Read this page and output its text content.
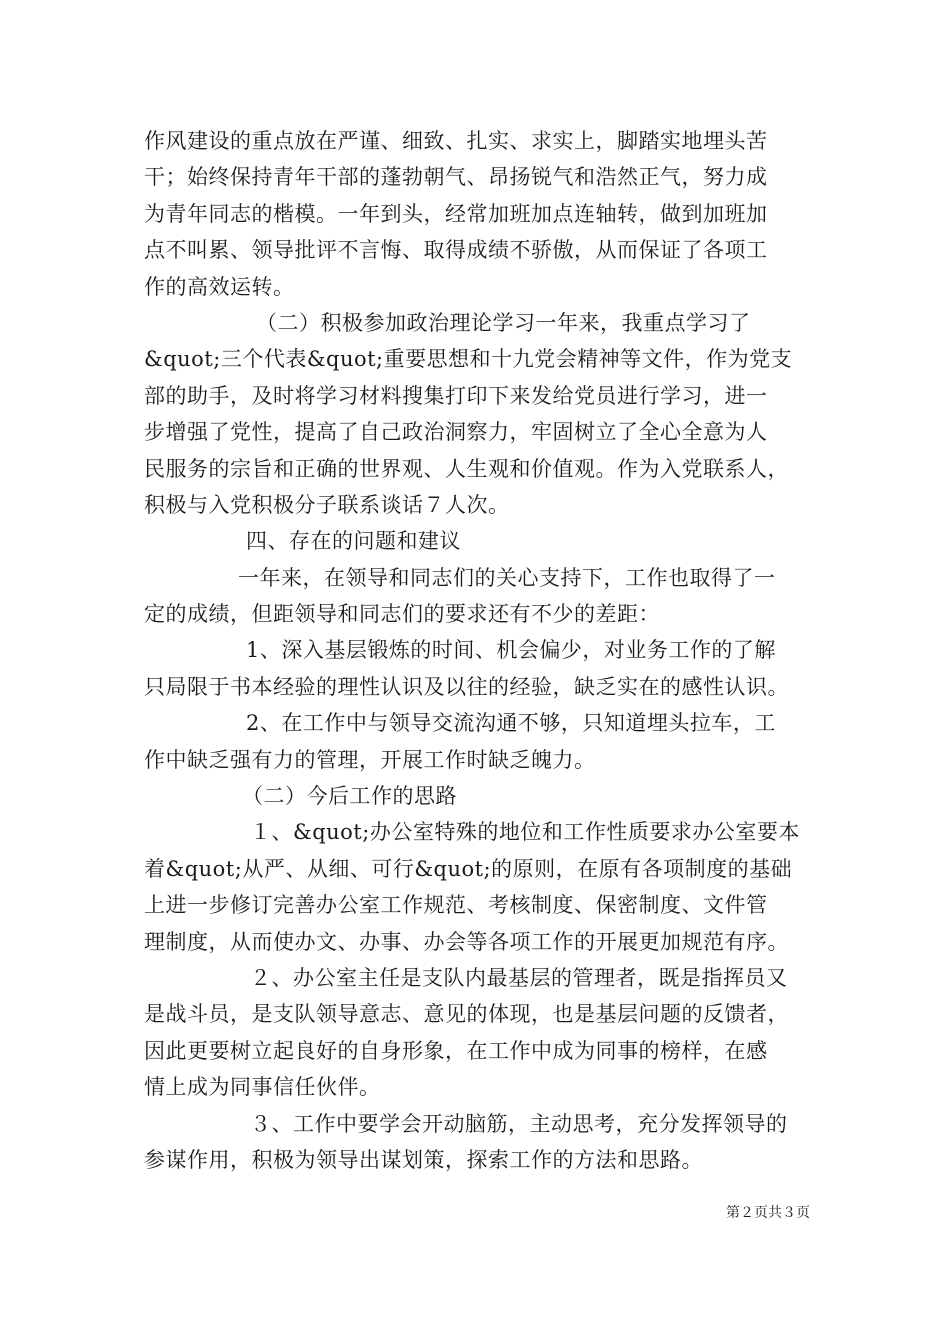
作风建设的重点放在严谨、细致、扎实、求实上，脚踏实地埋头苦
干；始终保持青年干部的蓬勃朝气、昂扬锐气和浩然正气，努力成
为青年同志的楷模。一年到头，经常加班加点连轴转，做到加班加
点不叫累、领导批评不言悔、取得成绩不骄傲，从而保证了各项工
作的高效运转。
（二）积极参加政治理论学习一年来，我重点学习了
&quot;三个代表&quot;重要思想和十九党会精神等文件，作为党支
部的助手，及时将学习材料搜集打印下来发给党员进行学习，进一
步增强了党性，提高了自己政治洞察力，牢固树立了全心全意为人
民服务的宗旨和正确的世界观、人生观和价值观。作为入党联系人，
积极与入党积极分子联系谈话７人次。
四、存在的问题和建议
一年来，在领导和同志们的关心支持下，工作也取得了一
定的成绩，但距领导和同志们的要求还有不少的差距：
1、深入基层锻炼的时间、机会偏少，对业务工作的了解
只局限于书本经验的理性认识及以往的经验，缺乏实在的感性认识。
2、在工作中与领导交流沟通不够，只知道埋头拉车，工
作中缺乏强有力的管理，开展工作时缺乏魄力。
（二）今后工作的思路
１、&quot;办公室特殊的地位和工作性质要求办公室要本
着&quot;从严、从细、可行&quot;的原则，在原有各项制度的基础
上进一步修订完善办公室工作规范、考核制度、保密制度、文件管
理制度，从而使办文、办事、办会等各项工作的开展更加规范有序。
２、办公室主任是支队内最基层的管理者，既是指挥员又
是战斗员，是支队领导意志、意见的体现，也是基层问题的反馈者，
因此更要树立起良好的自身形象，在工作中成为同事的榜样，在感
情上成为同事信任伙伴。
３、工作中要学会开动脑筋，主动思考，充分发挥领导的
参谋作用，积极为领导出谋划策，探索工作的方法和思路。
第２页共３页
